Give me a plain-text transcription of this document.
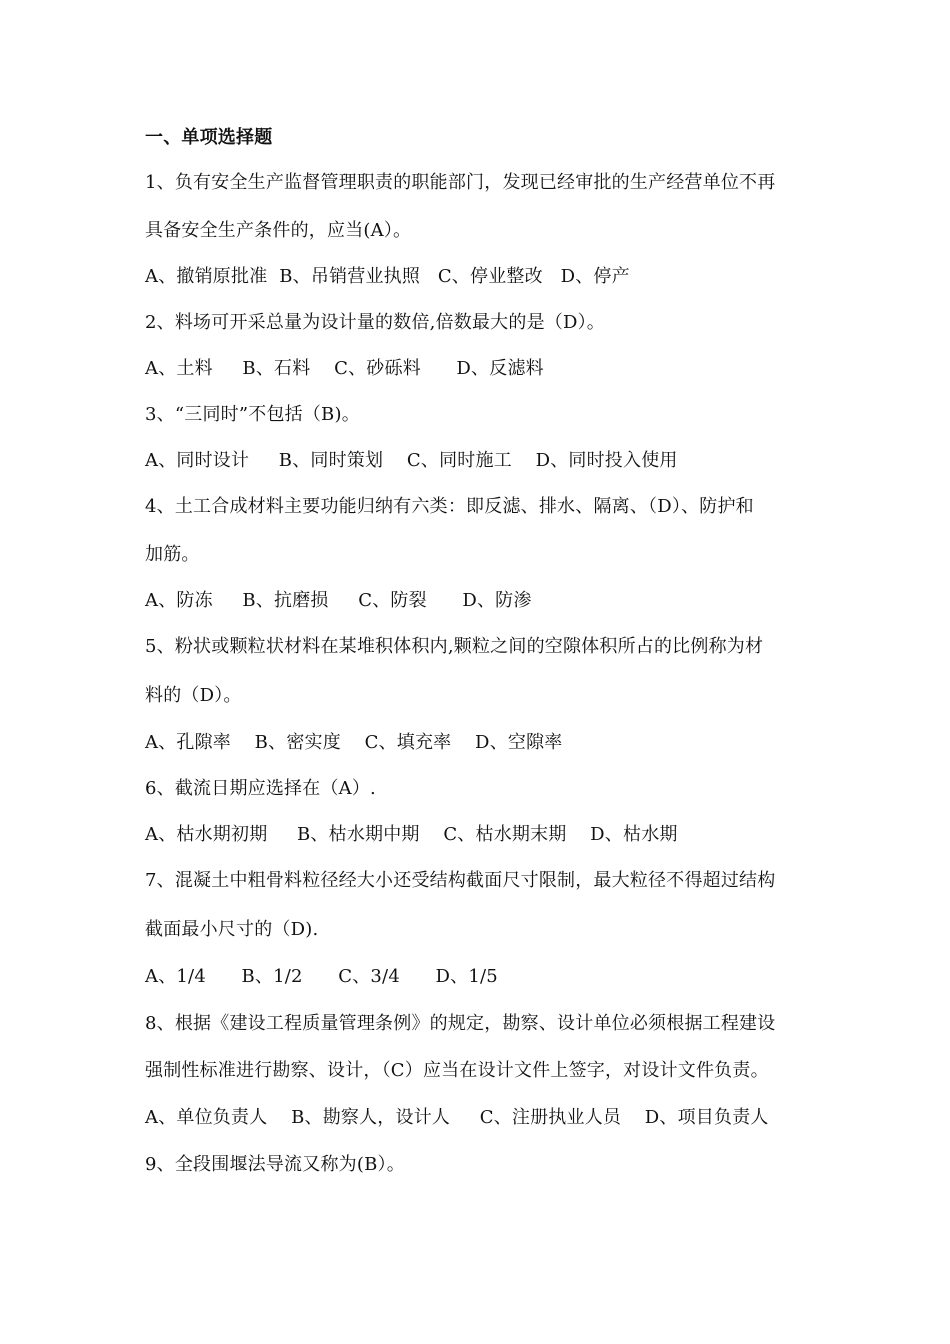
一、单项选择题
1、负有安全生产监督管理职责的职能部门，发现已经审批的生产经营单位不再
具备安全生产条件的，应当(A）。
A、撤销原批准  B、吊销营业执照   C、停业整改   D、停产
2、料场可开采总量为设计量的数倍,倍数最大的是（D）。
A、土料     B、石料    C、砂砾料      D、反滤料
3、“三同时”不包括（B)。
A、同时设计     B、同时策划    C、同时施工    D、同时投入使用
4、土工合成材料主要功能归纳有六类：即反滤、排水、隔离、（D）、防护和
加筋。
A、防冻     B、抗磨损     C、防裂      D、防渗
5、粉状或颗粒状材料在某堆积体积内,颗粒之间的空隙体积所占的比例称为材
料的（D）。
A、孔隙率    B、密实度    C、填充率    D、空隙率
6、截流日期应选择在（A）.
A、枯水期初期     B、枯水期中期    C、枯水期末期    D、枯水期
7、混凝土中粗骨料粒径经大小还受结构截面尺寸限制，最大粒径不得超过结构
截面最小尺寸的（D).
A、1/4      B、1/2      C、3/4      D、1/5
8、根据《建设工程质量管理条例》的规定，勘察、设计单位必须根据工程建设
强制性标准进行勘察、设计，（C）应当在设计文件上签字，对设计文件负责。
A、单位负责人    B、勘察人，设计人     C、注册执业人员    D、项目负责人
9、全段围堰法导流又称为(B）。
